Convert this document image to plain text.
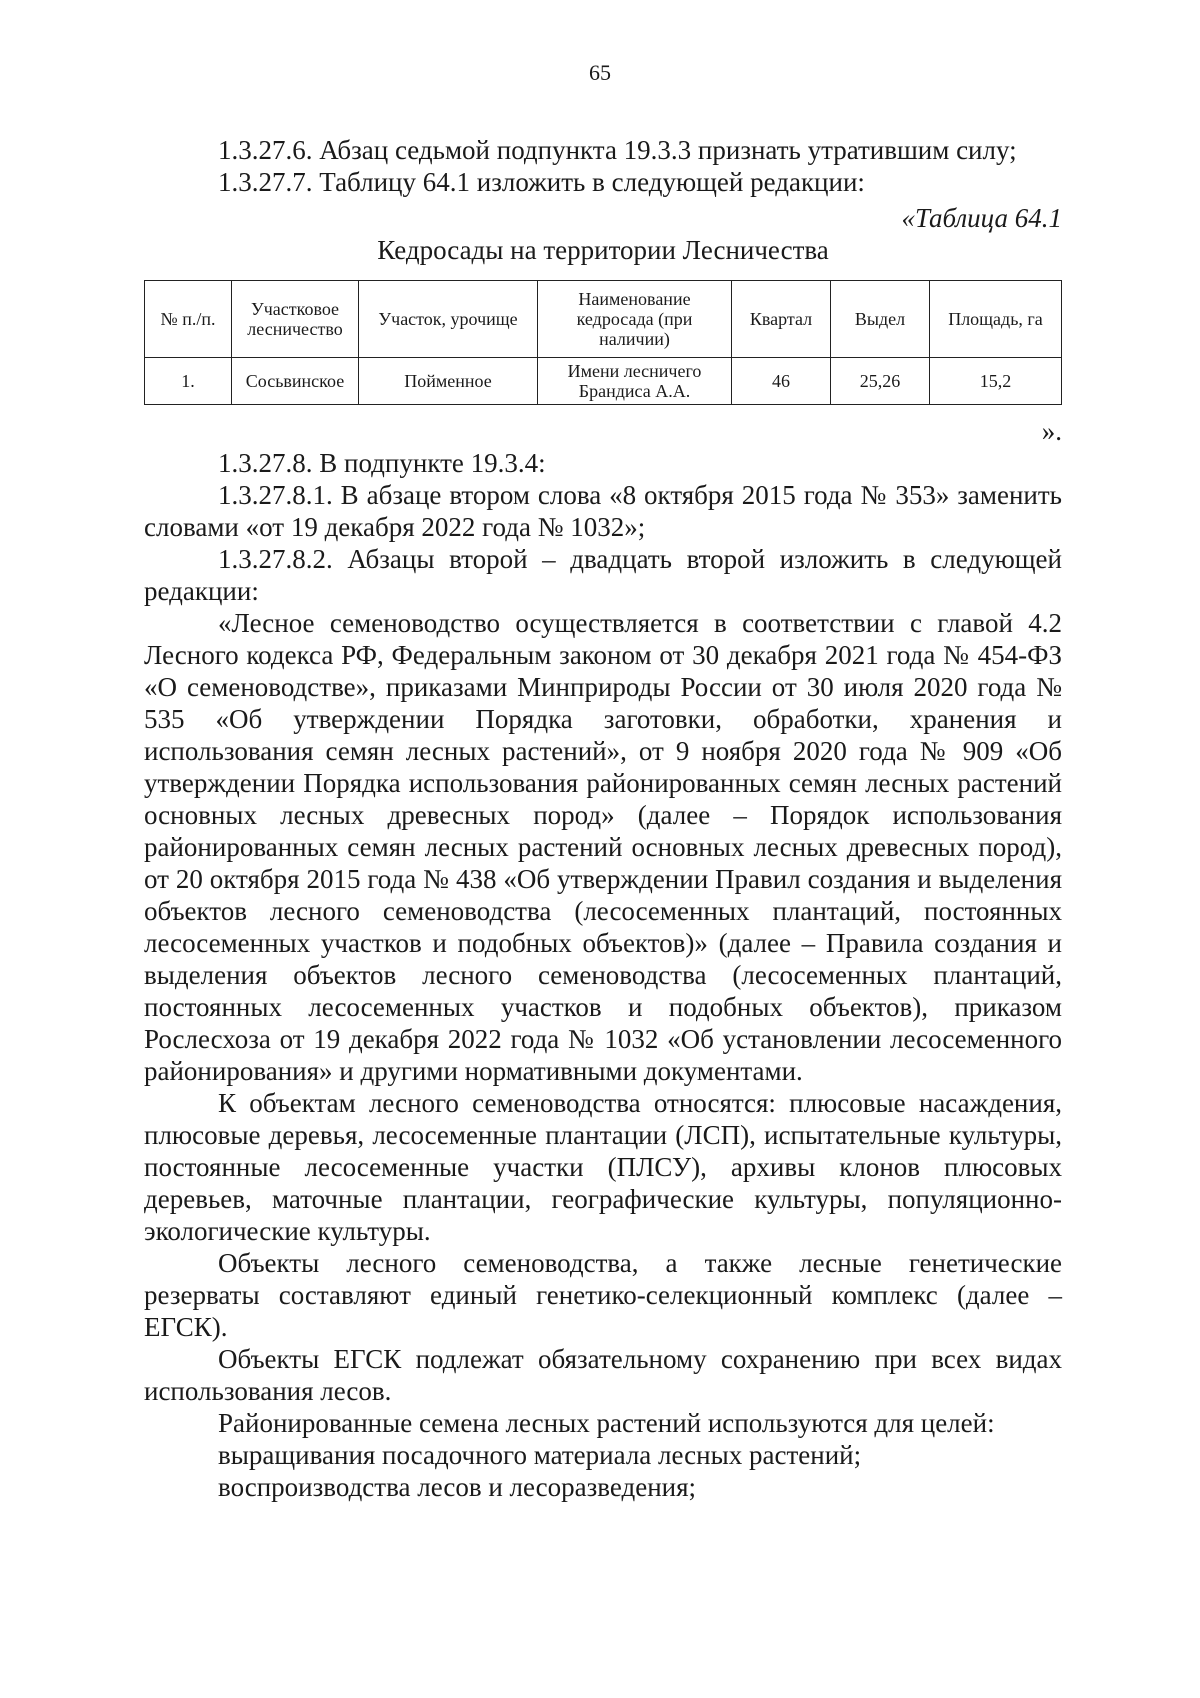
65

1.3.27.6. Абзац седьмой подпункта 19.3.3 признать утратившим силу;

1.3.27.7. Таблицу 64.1 изложить в следующей редакции:

«Таблица 64.1

Кедросады на территории Лесничества

№ п./п.	Участковое лесничество	Участок, урочище	Наименование кедросада (при наличии)	Квартал	Выдел	Площадь, га
1.	Сосьвинское	Пойменное	Имени лесничего Брандиса А.А.	46	25,26	15,2

».

1.3.27.8. В подпункте 19.3.4:

1.3.27.8.1. В абзаце втором слова «8 октября 2015 года № 353» заменить словами «от 19 декабря 2022 года № 1032»;

1.3.27.8.2. Абзацы второй – двадцать второй изложить в следующей редакции:

«Лесное семеноводство осуществляется в соответствии с главой 4.2 Лесного кодекса РФ, Федеральным законом от 30 декабря 2021 года № 454-ФЗ «О семеноводстве», приказами Минприроды России от 30 июля 2020 года № 535 «Об утверждении Порядка заготовки, обработки, хранения и использования семян лесных растений», от 9 ноября 2020 года № 909 «Об утверждении Порядка использования районированных семян лесных растений основных лесных древесных пород» (далее – Порядок использования районированных семян лесных растений основных лесных древесных пород), от 20 октября 2015 года № 438 «Об утверждении Правил создания и выделения объектов лесного семеноводства (лесосеменных плантаций, постоянных лесосеменных участков и подобных объектов)» (далее – Правила создания и выделения объектов лесного семеноводства (лесосеменных плантаций, постоянных лесосеменных участков и подобных объектов), приказом Рослесхоза от 19 декабря 2022 года № 1032 «Об установлении лесосеменного районирования» и другими нормативными документами.

К объектам лесного семеноводства относятся: плюсовые насаждения, плюсовые деревья, лесосеменные плантации (ЛСП), испытательные культуры, постоянные лесосеменные участки (ПЛСУ), архивы клонов плюсовых деревьев, маточные плантации, географические культуры, популяционно-экологические культуры.

Объекты лесного семеноводства, а также лесные генетические резерваты составляют единый генетико-селекционный комплекс (далее – ЕГСК).

Объекты ЕГСК подлежат обязательному сохранению при всех видах использования лесов.

Районированные семена лесных растений используются для целей:

выращивания посадочного материала лесных растений;

воспроизводства лесов и лесоразведения;
